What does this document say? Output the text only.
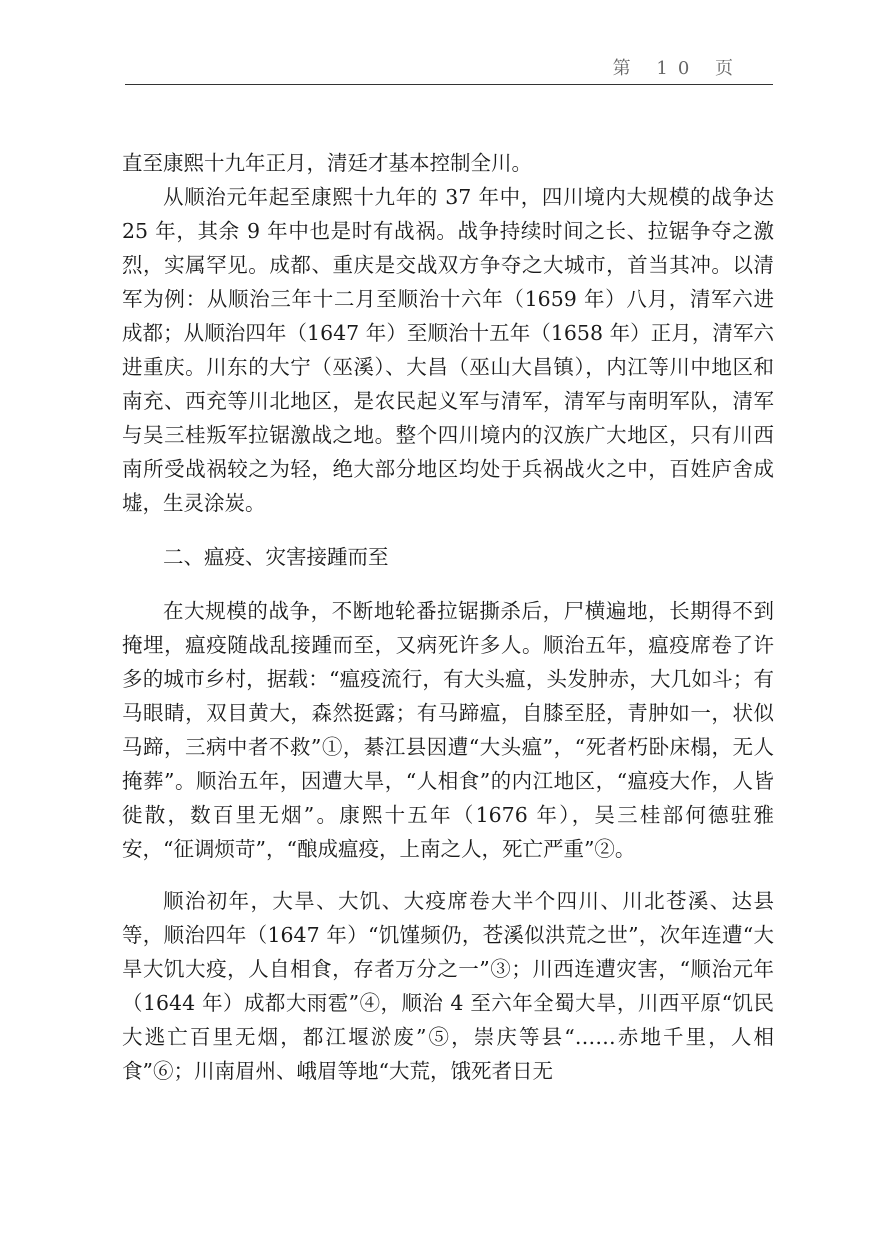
第 10 页

直至康熙十九年正月，清廷才基本控制全川。

从顺治元年起至康熙十九年的 37 年中，四川境内大规模的战争达 25 年，其余 9 年中也是时有战祸。战争持续时间之长、拉锯争夺之激烈，实属罕见。成都、重庆是交战双方争夺之大城市，首当其冲。以清军为例：从顺治三年十二月至顺治十六年（1659 年）八月，清军六进成都；从顺治四年（1647 年）至顺治十五年（1658 年）正月，清军六进重庆。川东的大宁（巫溪）、大昌（巫山大昌镇），内江等川中地区和南充、西充等川北地区，是农民起义军与清军，清军与南明军队，清军与吴三桂叛军拉锯激战之地。整个四川境内的汉族广大地区，只有川西南所受战祸较之为轻，绝大部分地区均处于兵祸战火之中，百姓庐舍成墟，生灵涂炭。

二、瘟疫、灾害接踵而至

在大规模的战争，不断地轮番拉锯撕杀后，尸横遍地，长期得不到掩埋，瘟疫随战乱接踵而至，又病死许多人。顺治五年，瘟疫席卷了许多的城市乡村，据载：“瘟疫流行，有大头瘟，头发肿赤，大几如斗；有马眼睛，双目黄大，森然挺露；有马蹄瘟，自膝至胫，青肿如一，状似马蹄，三病中者不救”①，綦江县因遭“大头瘟”，“死者朽卧床榻，无人掩葬”。顺治五年，因遭大旱，“人相食”的内江地区，“瘟疫大作，人皆徙散，数百里无烟”。康熙十五年（1676 年），吴三桂部何德驻雅安，“征调烦苛”，“酿成瘟疫，上南之人，死亡严重”②。

顺治初年，大旱、大饥、大疫席卷大半个四川、川北苍溪、达县等，顺治四年（1647 年）“饥馑频仍，苍溪似洪荒之世”，次年连遭“大旱大饥大疫，人自相食，存者万分之一”③；川西连遭灾害，“顺治元年（1644 年）成都大雨雹”④，顺治 4 至六年全蜀大旱，川西平原“饥民大逃亡百里无烟，都江堰淤废”⑤，崇庆等县“……赤地千里，人相食”⑥；川南眉州、峨眉等地“大荒，饿死者日无
